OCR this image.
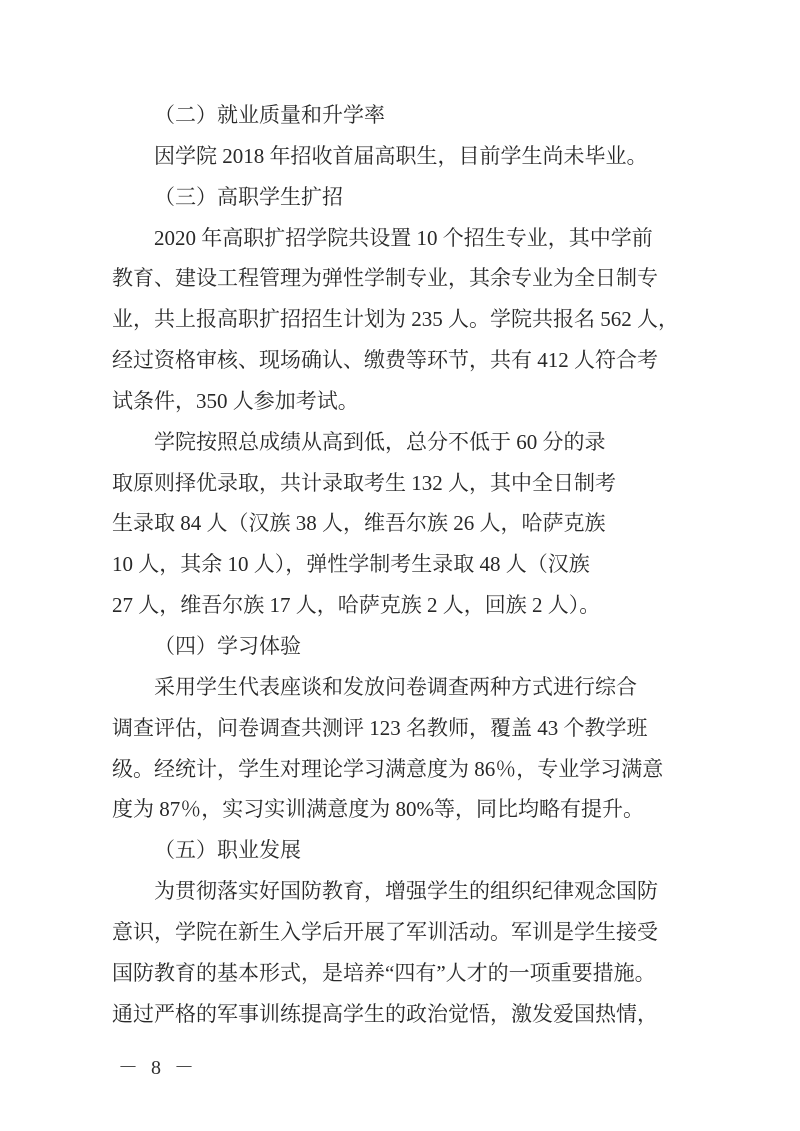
（二）就业质量和升学率
因学院 2018 年招收首届高职生，目前学生尚未毕业。
（三）高职学生扩招
2020 年高职扩招学院共设置 10 个招生专业，其中学前
教育、建设工程管理为弹性学制专业，其余专业为全日制专
业，共上报高职扩招招生计划为 235 人。学院共报名 562 人，
经过资格审核、现场确认、缴费等环节，共有 412 人符合考
试条件，350 人参加考试。
学院按照总成绩从高到低，总分不低于 60 分的录
取原则择优录取，共计录取考生 132 人，其中全日制考
生录取 84 人（汉族 38 人，维吾尔族 26 人，哈萨克族
10 人，其余 10 人），弹性学制考生录取 48 人（汉族
27 人，维吾尔族 17 人，哈萨克族 2 人，回族 2 人）。
（四）学习体验
采用学生代表座谈和发放问卷调查两种方式进行综合
调查评估，问卷调查共测评 123 名教师，覆盖 43 个教学班
级。经统计，学生对理论学习满意度为 86％，专业学习满意
度为 87％，实习实训满意度为 80%等，同比均略有提升。
（五）职业发展
为贯彻落实好国防教育，增强学生的组织纪律观念国防
意识，学院在新生入学后开展了军训活动。军训是学生接受
国防教育的基本形式，是培养“四有”人才的一项重要措施。
通过严格的军事训练提高学生的政治觉悟，激发爱国热情，
－ 8 －
